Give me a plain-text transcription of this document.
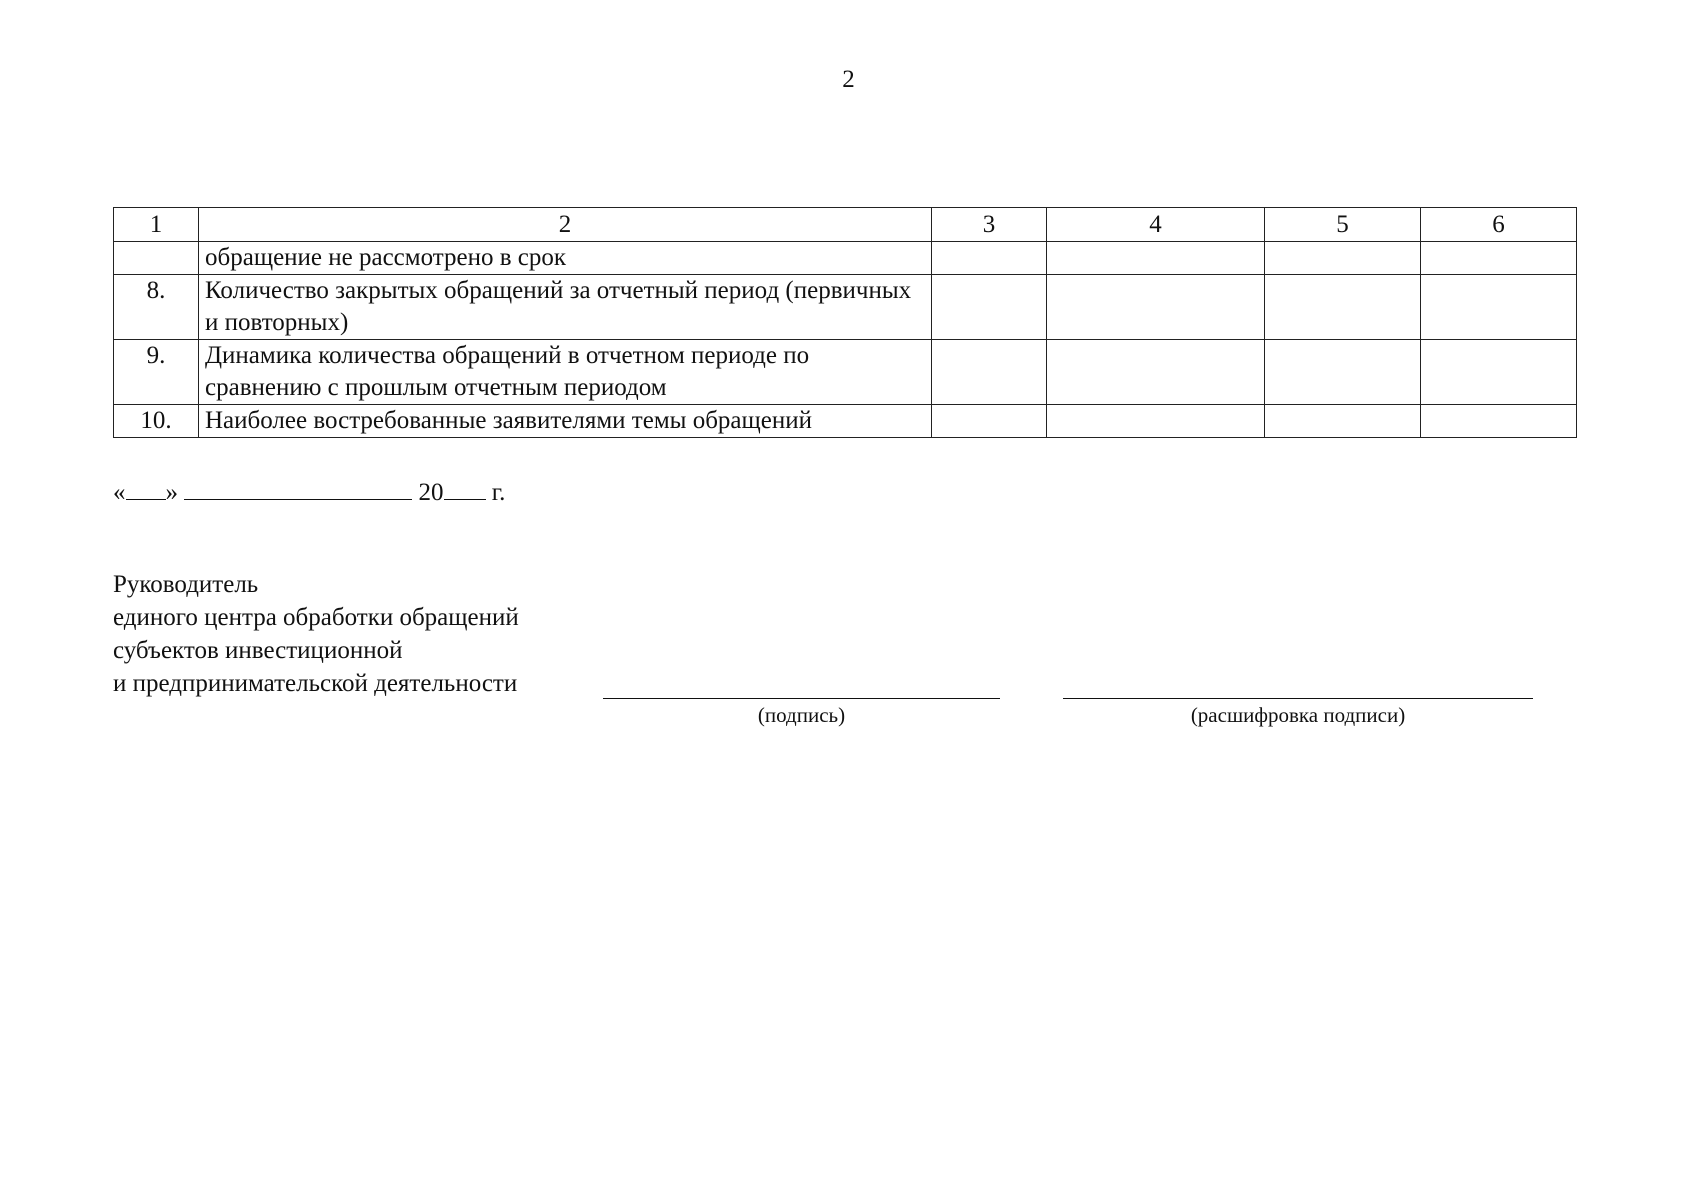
2
1	2	3	4	5	6
	обращение не рассмотрено в срок				
8.	Количество закрытых обращений за отчетный период (первичных и повторных)				
9.	Динамика количества обращений в отчетном периоде по сравнению с прошлым отчетным периодом				
10.	Наиболее востребованные заявителями темы обращений				
« »	20 г.
Руководитель
единого центра обработки обращений
субъектов инвестиционной
и предпринимательской деятельности
(подпись)	(расшифровка подписи)
